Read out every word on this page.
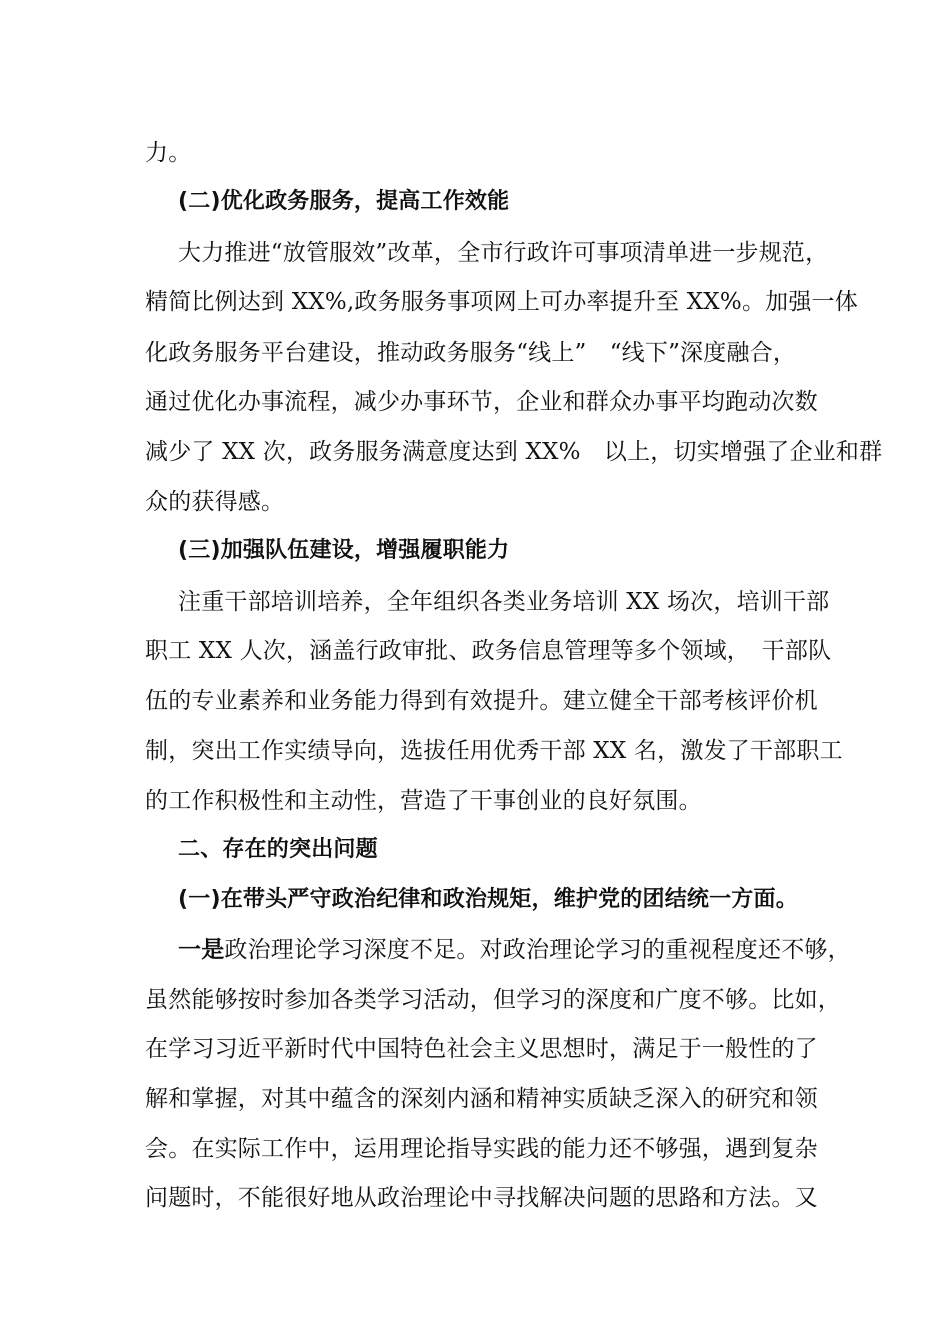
力。
(二)优化政务服务，提高工作效能
大力推进“放管服效”改革，全市行政许可事项清单进一步规范，
精简比例达到 XX%,政务服务事项网上可办率提升至 XX%。加强一体
化政务服务平台建设，推动政务服务“线上”　“线下”深度融合，
通过优化办事流程，减少办事环节，企业和群众办事平均跑动次数
减少了 XX 次，政务服务满意度达到 XX%　以上，切实增强了企业和群
众的获得感。
(三)加强队伍建设，增强履职能力
注重干部培训培养，全年组织各类业务培训 XX 场次，培训干部
职工 XX 人次，涵盖行政审批、政务信息管理等多个领域，　干部队
伍的专业素养和业务能力得到有效提升。建立健全干部考核评价机
制，突出工作实绩导向，选拔任用优秀干部 XX 名，激发了干部职工
的工作积极性和主动性，营造了干事创业的良好氛围。
二、存在的突出问题
(一)在带头严守政治纪律和政治规矩，维护党的团结统一方面。
一是政治理论学习深度不足。对政治理论学习的重视程度还不够，
虽然能够按时参加各类学习活动，但学习的深度和广度不够。比如，
在学习习近平新时代中国特色社会主义思想时，满足于一般性的了
解和掌握，对其中蕴含的深刻内涵和精神实质缺乏深入的研究和领
会。在实际工作中，运用理论指导实践的能力还不够强，遇到复杂
问题时，不能很好地从政治理论中寻找解决问题的思路和方法。又
